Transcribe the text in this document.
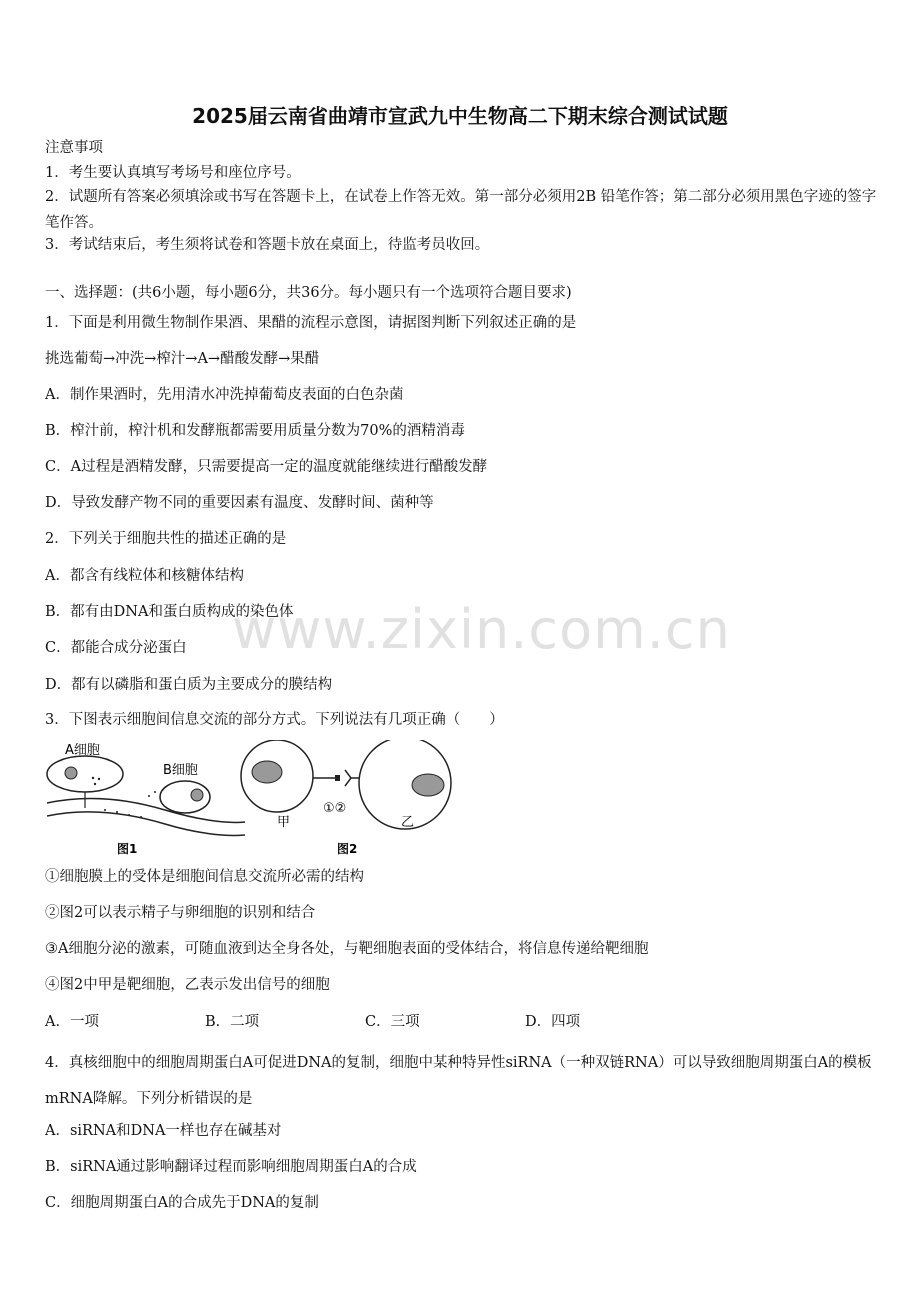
2025届云南省曲靖市宣武九中生物高二下期末综合测试试题
注意事项
1．考生要认真填写考场号和座位序号。
2．试题所有答案必须填涂或书写在答题卡上，在试卷上作答无效。第一部分必须用2B 铅笔作答；第二部分必须用黑色字迹的签字笔作答。
3．考试结束后，考生须将试卷和答题卡放在桌面上，待监考员收回。
一、选择题：(共6小题，每小题6分，共36分。每小题只有一个选项符合题目要求)
1．下面是利用微生物制作果酒、果醋的流程示意图，请据图判断下列叙述正确的是
挑选葡萄→冲洗→榨汁→A→醋酸发酵→果醋
A．制作果酒时，先用清水冲洗掉葡萄皮表面的白色杂菌
B．榨汁前，榨汁机和发酵瓶都需要用质量分数为70%的酒精消毒
C．A过程是酒精发酵，只需要提高一定的温度就能继续进行醋酸发酵
D．导致发酵产物不同的重要因素有温度、发酵时间、菌种等
2．下列关于细胞共性的描述正确的是
A．都含有线粒体和核糖体结构
B．都有由DNA和蛋白质构成的染色体
C．都能合成分泌蛋白
D．都有以磷脂和蛋白质为主要成分的膜结构
www.zixin.com.cn
3．下图表示细胞间信息交流的部分方式。下列说法有几项正确（　　）
A细胞
B细胞
图1
①②
甲	乙
图2
①细胞膜上的受体是细胞间信息交流所必需的结构
②图2可以表示精子与卵细胞的识别和结合
③A细胞分泌的激素，可随血液到达全身各处，与靶细胞表面的受体结合，将信息传递给靶细胞
④图2中甲是靶细胞，乙表示发出信号的细胞
A．一项	B．二项	C．三项	D．四项
4．真核细胞中的细胞周期蛋白A可促进DNA的复制，细胞中某种特异性siRNA（一种双链RNA）可以导致细胞周期蛋白A的模板mRNA降解。下列分析错误的是
A．siRNA和DNA一样也存在碱基对
B．siRNA通过影响翻译过程而影响细胞周期蛋白A的合成
C．细胞周期蛋白A的合成先于DNA的复制
